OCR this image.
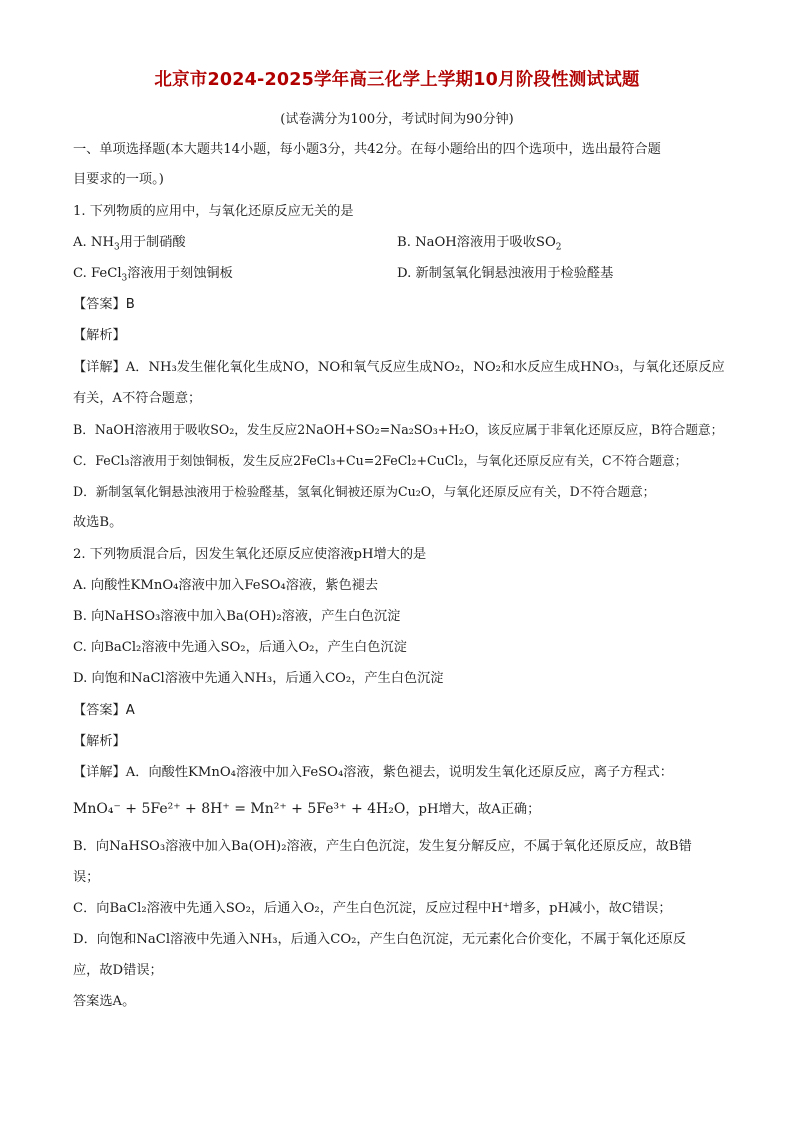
北京市2024-2025学年高三化学上学期10月阶段性测试试题
(试卷满分为100分，考试时间为90分钟)
一、单项选择题(本大题共14小题，每小题3分，共42分。在每小题给出的四个选项中，选出最符合题
目要求的一项。)
1. 下列物质的应用中，与氧化还原反应无关的是
A. $NH_3$用于制硝酸	B. NaOH溶液用于吸收$SO_2$
C. FeCl$_3$溶液用于刻蚀铜板	D. 新制氢氧化铜悬浊液用于检验醛基
【答案】B
【解析】
【详解】A．NH₃发生催化氧化生成NO，NO和氧气反应生成NO₂，NO₂和水反应生成HNO₃，与氧化还原反应
有关，A不符合题意；
B．NaOH溶液用于吸收SO₂，发生反应2NaOH+SO₂=Na₂SO₃+H₂O，该反应属于非氧化还原反应，B符合题意；
C．FeCl₃溶液用于刻蚀铜板，发生反应2FeCl₃+Cu=2FeCl₂+CuCl₂，与氧化还原反应有关，C不符合题意；
D．新制氢氧化铜悬浊液用于检验醛基，氢氧化铜被还原为Cu₂O，与氧化还原反应有关，D不符合题意；
故选B。
2. 下列物质混合后，因发生氧化还原反应使溶液pH增大的是
A. 向酸性KMnO₄溶液中加入FeSO₄溶液，紫色褪去
B. 向NaHSO₃溶液中加入Ba(OH)₂溶液，产生白色沉淀
C. 向BaCl₂溶液中先通入SO₂，后通入O₂，产生白色沉淀
D. 向饱和NaCl溶液中先通入NH₃，后通入CO₂，产生白色沉淀
【答案】A
【解析】
【详解】A．向酸性KMnO₄溶液中加入FeSO₄溶液，紫色褪去，说明发生氧化还原反应，离子方程式：
MnO₄⁻ + 5Fe²⁺ + 8H⁺ = Mn²⁺ + 5Fe³⁺ + 4H₂O，pH增大，故A正确；
B．向NaHSO₃溶液中加入Ba(OH)₂溶液，产生白色沉淀，发生复分解反应，不属于氧化还原反应，故B错
误；
C．向BaCl₂溶液中先通入SO₂，后通入O₂，产生白色沉淀，反应过程中H⁺增多，pH减小，故C错误；
D．向饱和NaCl溶液中先通入NH₃，后通入CO₂，产生白色沉淀，无元素化合价变化，不属于氧化还原反
应，故D错误；
答案选A。
